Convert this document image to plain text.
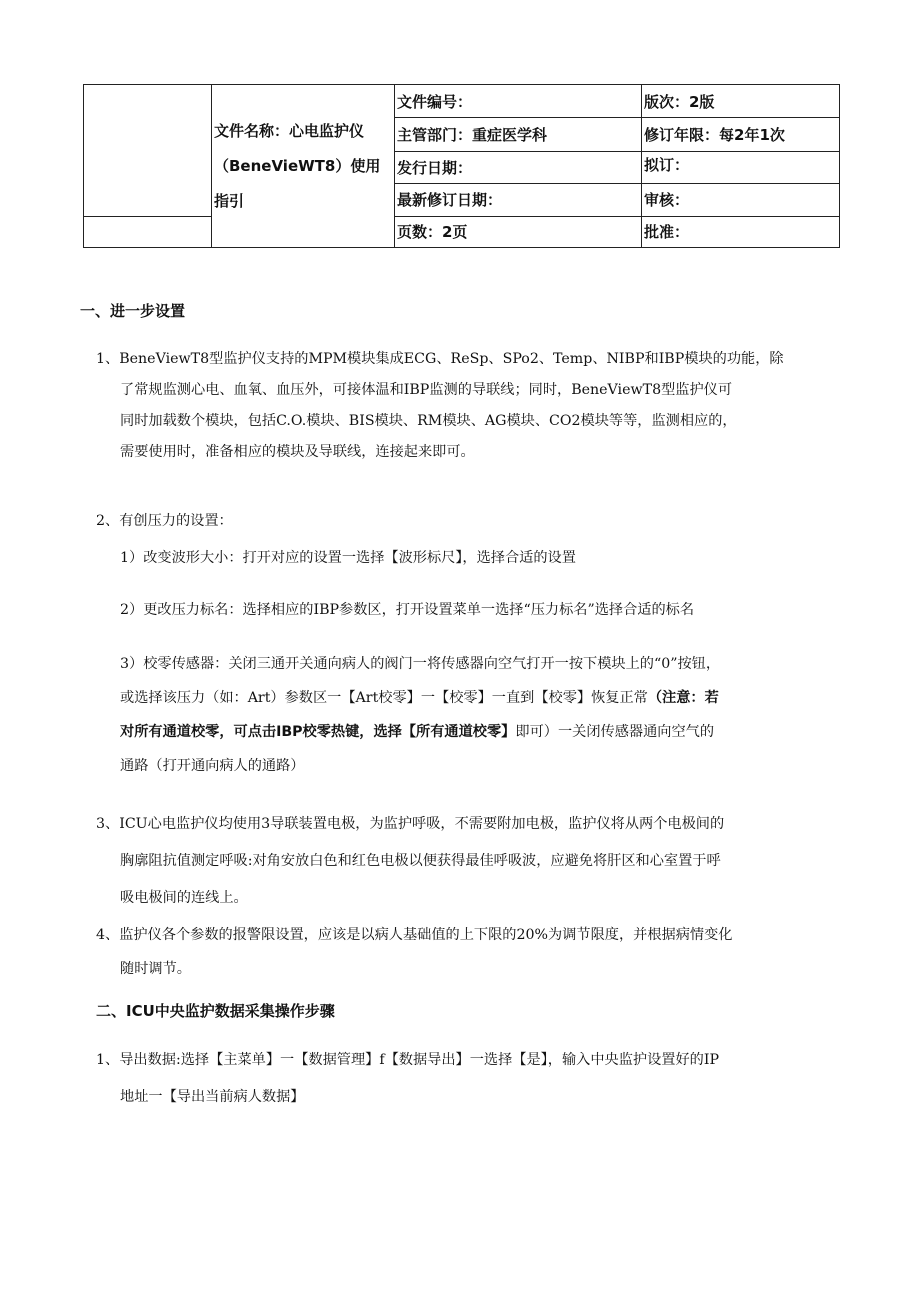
	文件名称：心电监护仪（BeneVieWT8）使用指引	文件编号：	版次：2版
		主管部门：重症医学科	修订年限：每2年1次
		发行日期：	拟订：
		最新修订日期：	审核：
		页数：2页	批准：
一、进一步设置
1、BeneViewT8型监护仪支持的MPM模块集成ECG、ReSp、SPo2、Temp、NIBP和IBP模块的功能，除
了常规监测心电、血氧、血压外，可接体温和IBP监测的导联线；同时，BeneViewT8型监护仪可
同时加载数个模块，包括C.O.模块、BIS模块、RM模块、AG模块、CO2模块等等，监测相应的，
需要使用时，准备相应的模块及导联线，连接起来即可。
2、有创压力的设置：
1）改变波形大小：打开对应的设置一选择【波形标尺】，选择合适的设置
2）更改压力标名：选择相应的IBP参数区，打开设置菜单一选择“压力标名”选择合适的标名
3）校零传感器：关闭三通开关通向病人的阀门一将传感器向空气打开一按下模块上的“0”按钮，
或选择该压力（如：Art）参数区一【Art校零】一【校零】一直到【校零】恢复正常（注意：若
对所有通道校零，可点击IBP校零热键，选择【所有通道校零】即可）一关闭传感器通向空气的
通路（打开通向病人的通路）
3、ICU心电监护仪均使用3导联装置电极，为监护呼吸，不需要附加电极，监护仪将从两个电极间的
胸廓阻抗值测定呼吸:对角安放白色和红色电极以便获得最佳呼吸波，应避免将肝区和心室置于呼
吸电极间的连线上。
4、监护仪各个参数的报警限设置，应该是以病人基础值的上下限的20%为调节限度，并根据病情变化
随时调节。
二、ICU中央监护数据采集操作步骤
1、导出数据:选择【主菜单】一【数据管理】f【数据导出】一选择【是】，输入中央监护设置好的IP
地址一【导出当前病人数据】
